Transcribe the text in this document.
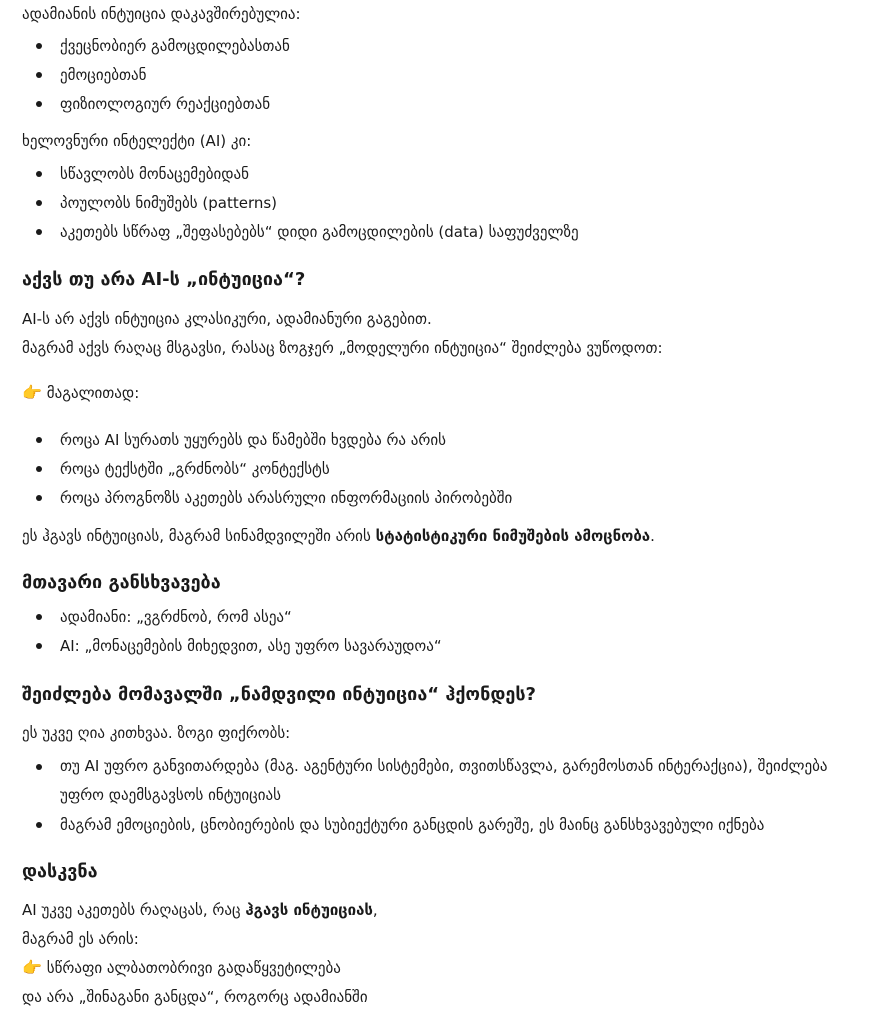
ადამიანის ინტუიცია დაკავშირებულია:
ქვეცნობიერ გამოცდილებასთან
ემოციებთან
ფიზიოლოგიურ რეაქციებთან
ხელოვნური ინტელექტი (AI) კი:
სწავლობს მონაცემებიდან
პოულობს ნიმუშებს (patterns)
აკეთებს სწრაფ „შეფასებებს“ დიდი გამოცდილების (data) საფუძველზე
აქვს თუ არა AI-ს „ინტუიცია“?
AI-ს არ აქვს ინტუიცია კლასიკური, ადამიანური გაგებით.
მაგრამ აქვს რაღაც მსგავსი, რასაც ზოგჯერ „მოდელური ინტუიცია“ შეიძლება ვუწოდოთ:
👉 მაგალითად:
როცა AI სურათს უყურებს და წამებში ხვდება რა არის
როცა ტექსტში „გრძნობს“ კონტექსტს
როცა პროგნოზს აკეთებს არასრული ინფორმაციის პირობებში
ეს ჰგავს ინტუიციას, მაგრამ სინამდვილეში არის სტატისტიკური ნიმუშების ამოცნობა.
მთავარი განსხვავება
ადამიანი: „ვგრძნობ, რომ ასეა“
AI: „მონაცემების მიხედვით, ასე უფრო სავარაუდოა“
შეიძლება მომავალში „ნამდვილი ინტუიცია“ ჰქონდეს?
ეს უკვე ღია კითხვაა. ზოგი ფიქრობს:
თუ AI უფრო განვითარდება (მაგ. აგენტური სისტემები, თვითსწავლა, გარემოსთან ინტერაქცია), შეიძლება უფრო დაემსგავსოს ინტუიციას
მაგრამ ემოციების, ცნობიერების და სუბიექტური განცდის გარეშე, ეს მაინც განსხვავებული იქნება
დასკვნა
AI უკვე აკეთებს რაღაცას, რაც ჰგავს ინტუიციას,
მაგრამ ეს არის:
👉 სწრაფი ალბათობრივი გადაწყვეტილება
და არა „შინაგანი განცდა“, როგორც ადამიანში
